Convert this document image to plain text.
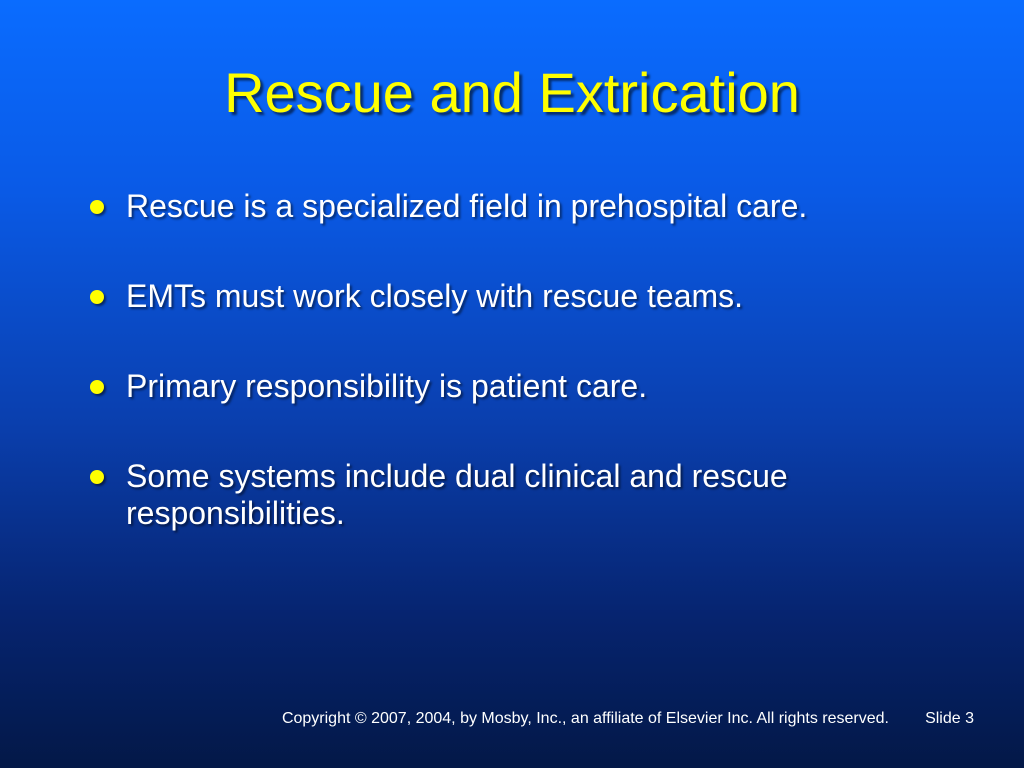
Rescue and Extrication
Rescue is a specialized field in prehospital care.
EMTs must work closely with rescue teams.
Primary responsibility is patient care.
Some systems include dual clinical and rescue responsibilities.
Copyright © 2007, 2004, by Mosby, Inc., an affiliate of Elsevier Inc. All rights reserved. Slide 3
